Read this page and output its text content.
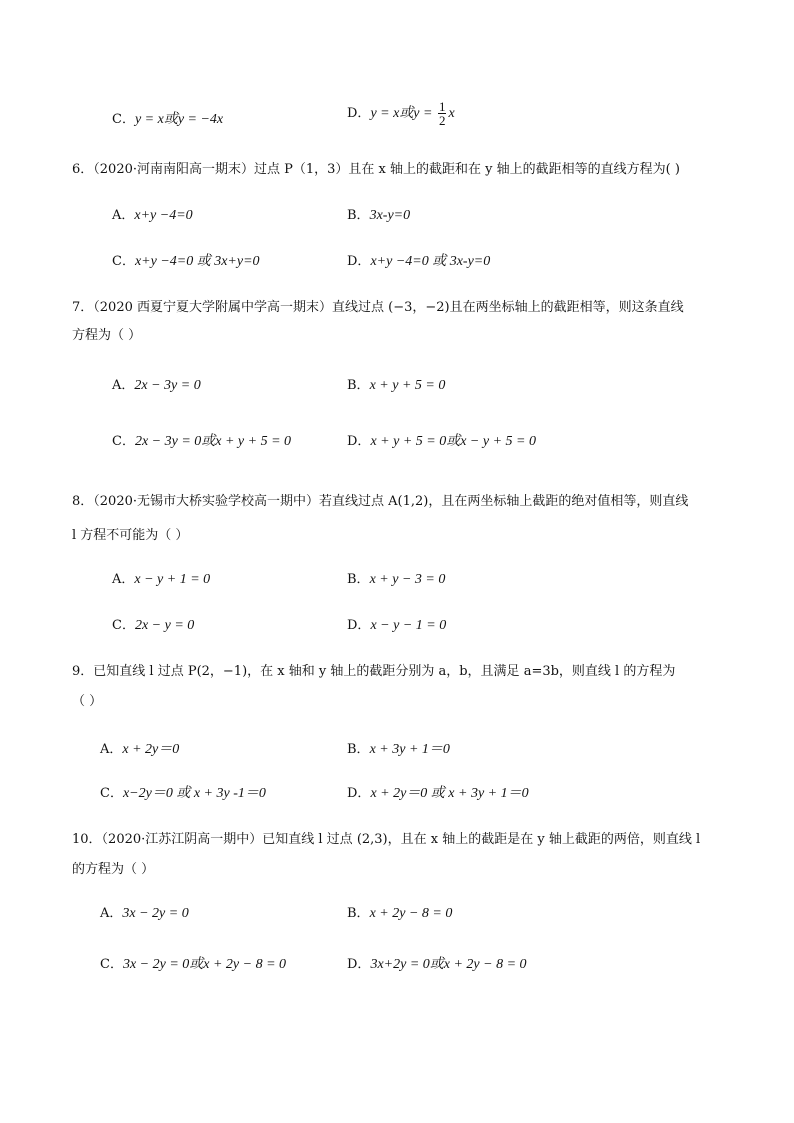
C．y = x或y = −4x	D．y = x或$y = \frac{1}{2}$ x
6．（2020·河南南阳高一期末）过点 P（1，3）且在 x 轴上的截距和在 y 轴上的截距相等的直线方程为( )
A．x+y −4=0	B．3x-y=0
C．x+y −4=0 或 3x+y=0	D．x+y −4=0 或 3x-y=0
7．（2020 西夏宁夏大学附属中学高一期末）直线过点 (−3，−2)且在两坐标轴上的截距相等，则这条直线
方程为（ ）
A．2x − 3y = 0	B．x + y + 5 = 0
C．2x − 3y = 0或x + y + 5 = 0	D．x + y + 5 = 0或x − y + 5 = 0
8．（2020·无锡市大桥实验学校高一期中）若直线过点 A(1,2)，且在两坐标轴上截距的绝对值相等，则直线
l 方程不可能为（ ）
A．x − y + 1 = 0	B．x + y − 3 = 0
C．2x − y = 0	D．x − y − 1 = 0
9．已知直线 l 过点 P(2，−1)，在 x 轴和 y 轴上的截距分别为 a，b，且满足 a=3b，则直线 l 的方程为
（ ）
A．x + 2y＝0	B．x + 3y + 1＝0
C．x−2y＝0 或 x + 3y -1＝0	D．x + 2y＝0 或 x + 3y + 1＝0
10．（2020·江苏江阴高一期中）已知直线 l 过点 (2,3)，且在 x 轴上的截距是在 y 轴上截距的两倍，则直线 l
的方程为（ ）
A．3x − 2y = 0	B．x + 2y − 8 = 0
C．3x − 2y = 0或x + 2y − 8 = 0	D．3x+2y = 0或x + 2y − 8 = 0
